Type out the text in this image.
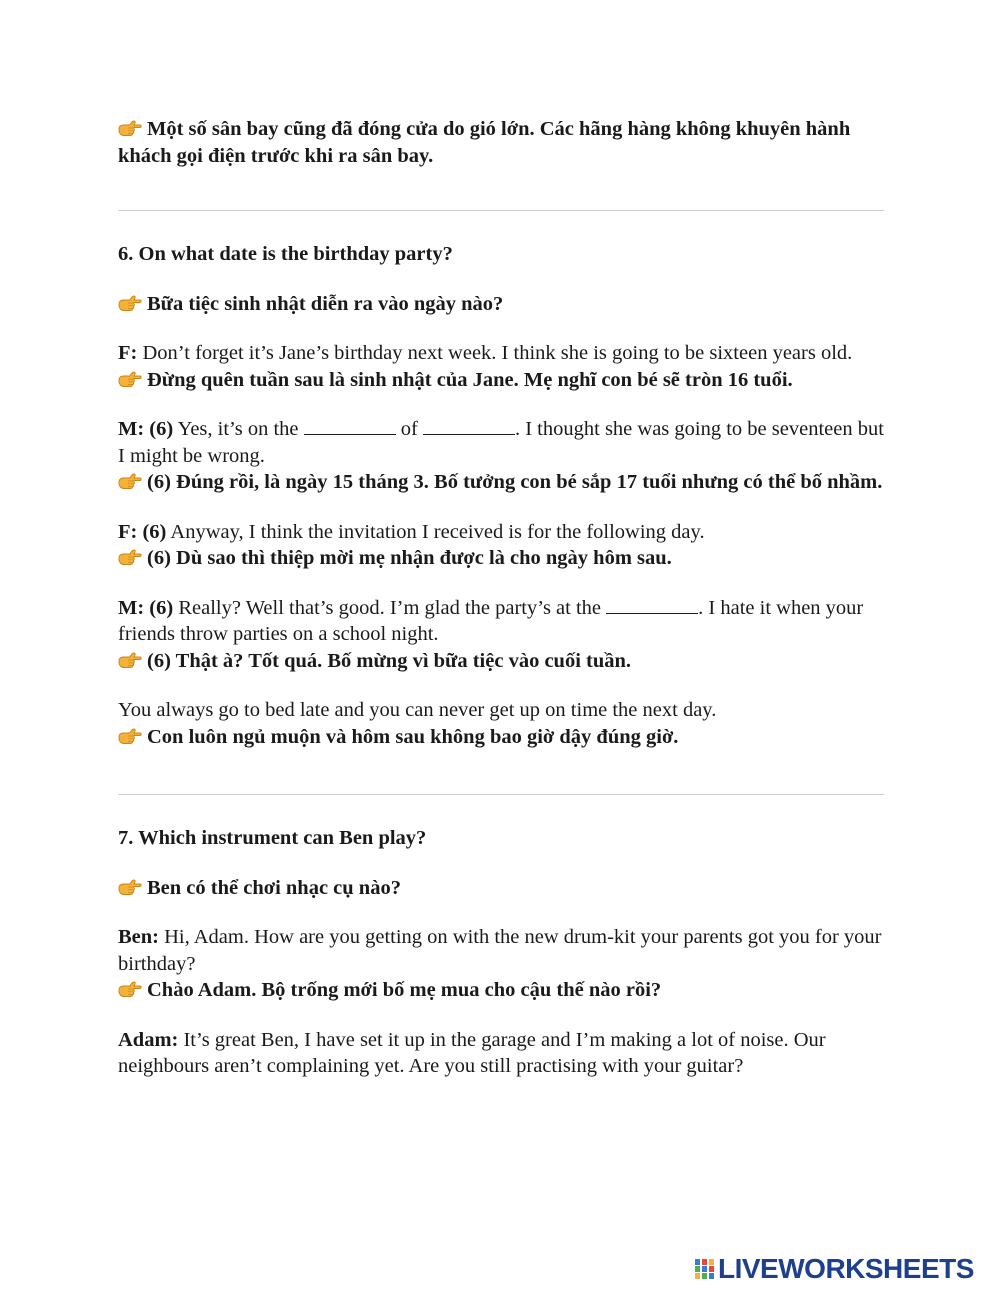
Một số sân bay cũng đã đóng cửa do gió lớn. Các hãng hàng không khuyên hành khách gọi điện trước khi ra sân bay.

6. On what date is the birthday party?

Bữa tiệc sinh nhật diễn ra vào ngày nào?

F: Don’t forget it’s Jane’s birthday next week. I think she is going to be sixteen years old.
Đừng quên tuần sau là sinh nhật của Jane. Mẹ nghĩ con bé sẽ tròn 16 tuổi.

M: (6) Yes, it’s on the	of	. I thought she was going to be seventeen but I might be wrong.
(6) Đúng rồi, là ngày 15 tháng 3. Bố tưởng con bé sắp 17 tuổi nhưng có thể bố nhầm.

F: (6) Anyway, I think the invitation I received is for the following day.
(6) Dù sao thì thiệp mời mẹ nhận được là cho ngày hôm sau.

M: (6) Really? Well that’s good. I’m glad the party’s at the	. I hate it when your friends throw parties on a school night.
(6) Thật à? Tốt quá. Bố mừng vì bữa tiệc vào cuối tuần.

You always go to bed late and you can never get up on time the next day.
Con luôn ngủ muộn và hôm sau không bao giờ dậy đúng giờ.

7. Which instrument can Ben play?

Ben có thể chơi nhạc cụ nào?

Ben: Hi, Adam. How are you getting on with the new drum-kit your parents got you for your birthday?
Chào Adam. Bộ trống mới bố mẹ mua cho cậu thế nào rồi?

Adam: It’s great Ben, I have set it up in the garage and I’m making a lot of noise. Our neighbours aren’t complaining yet. Are you still practising with your guitar?

LIVEWORKSHEETS
